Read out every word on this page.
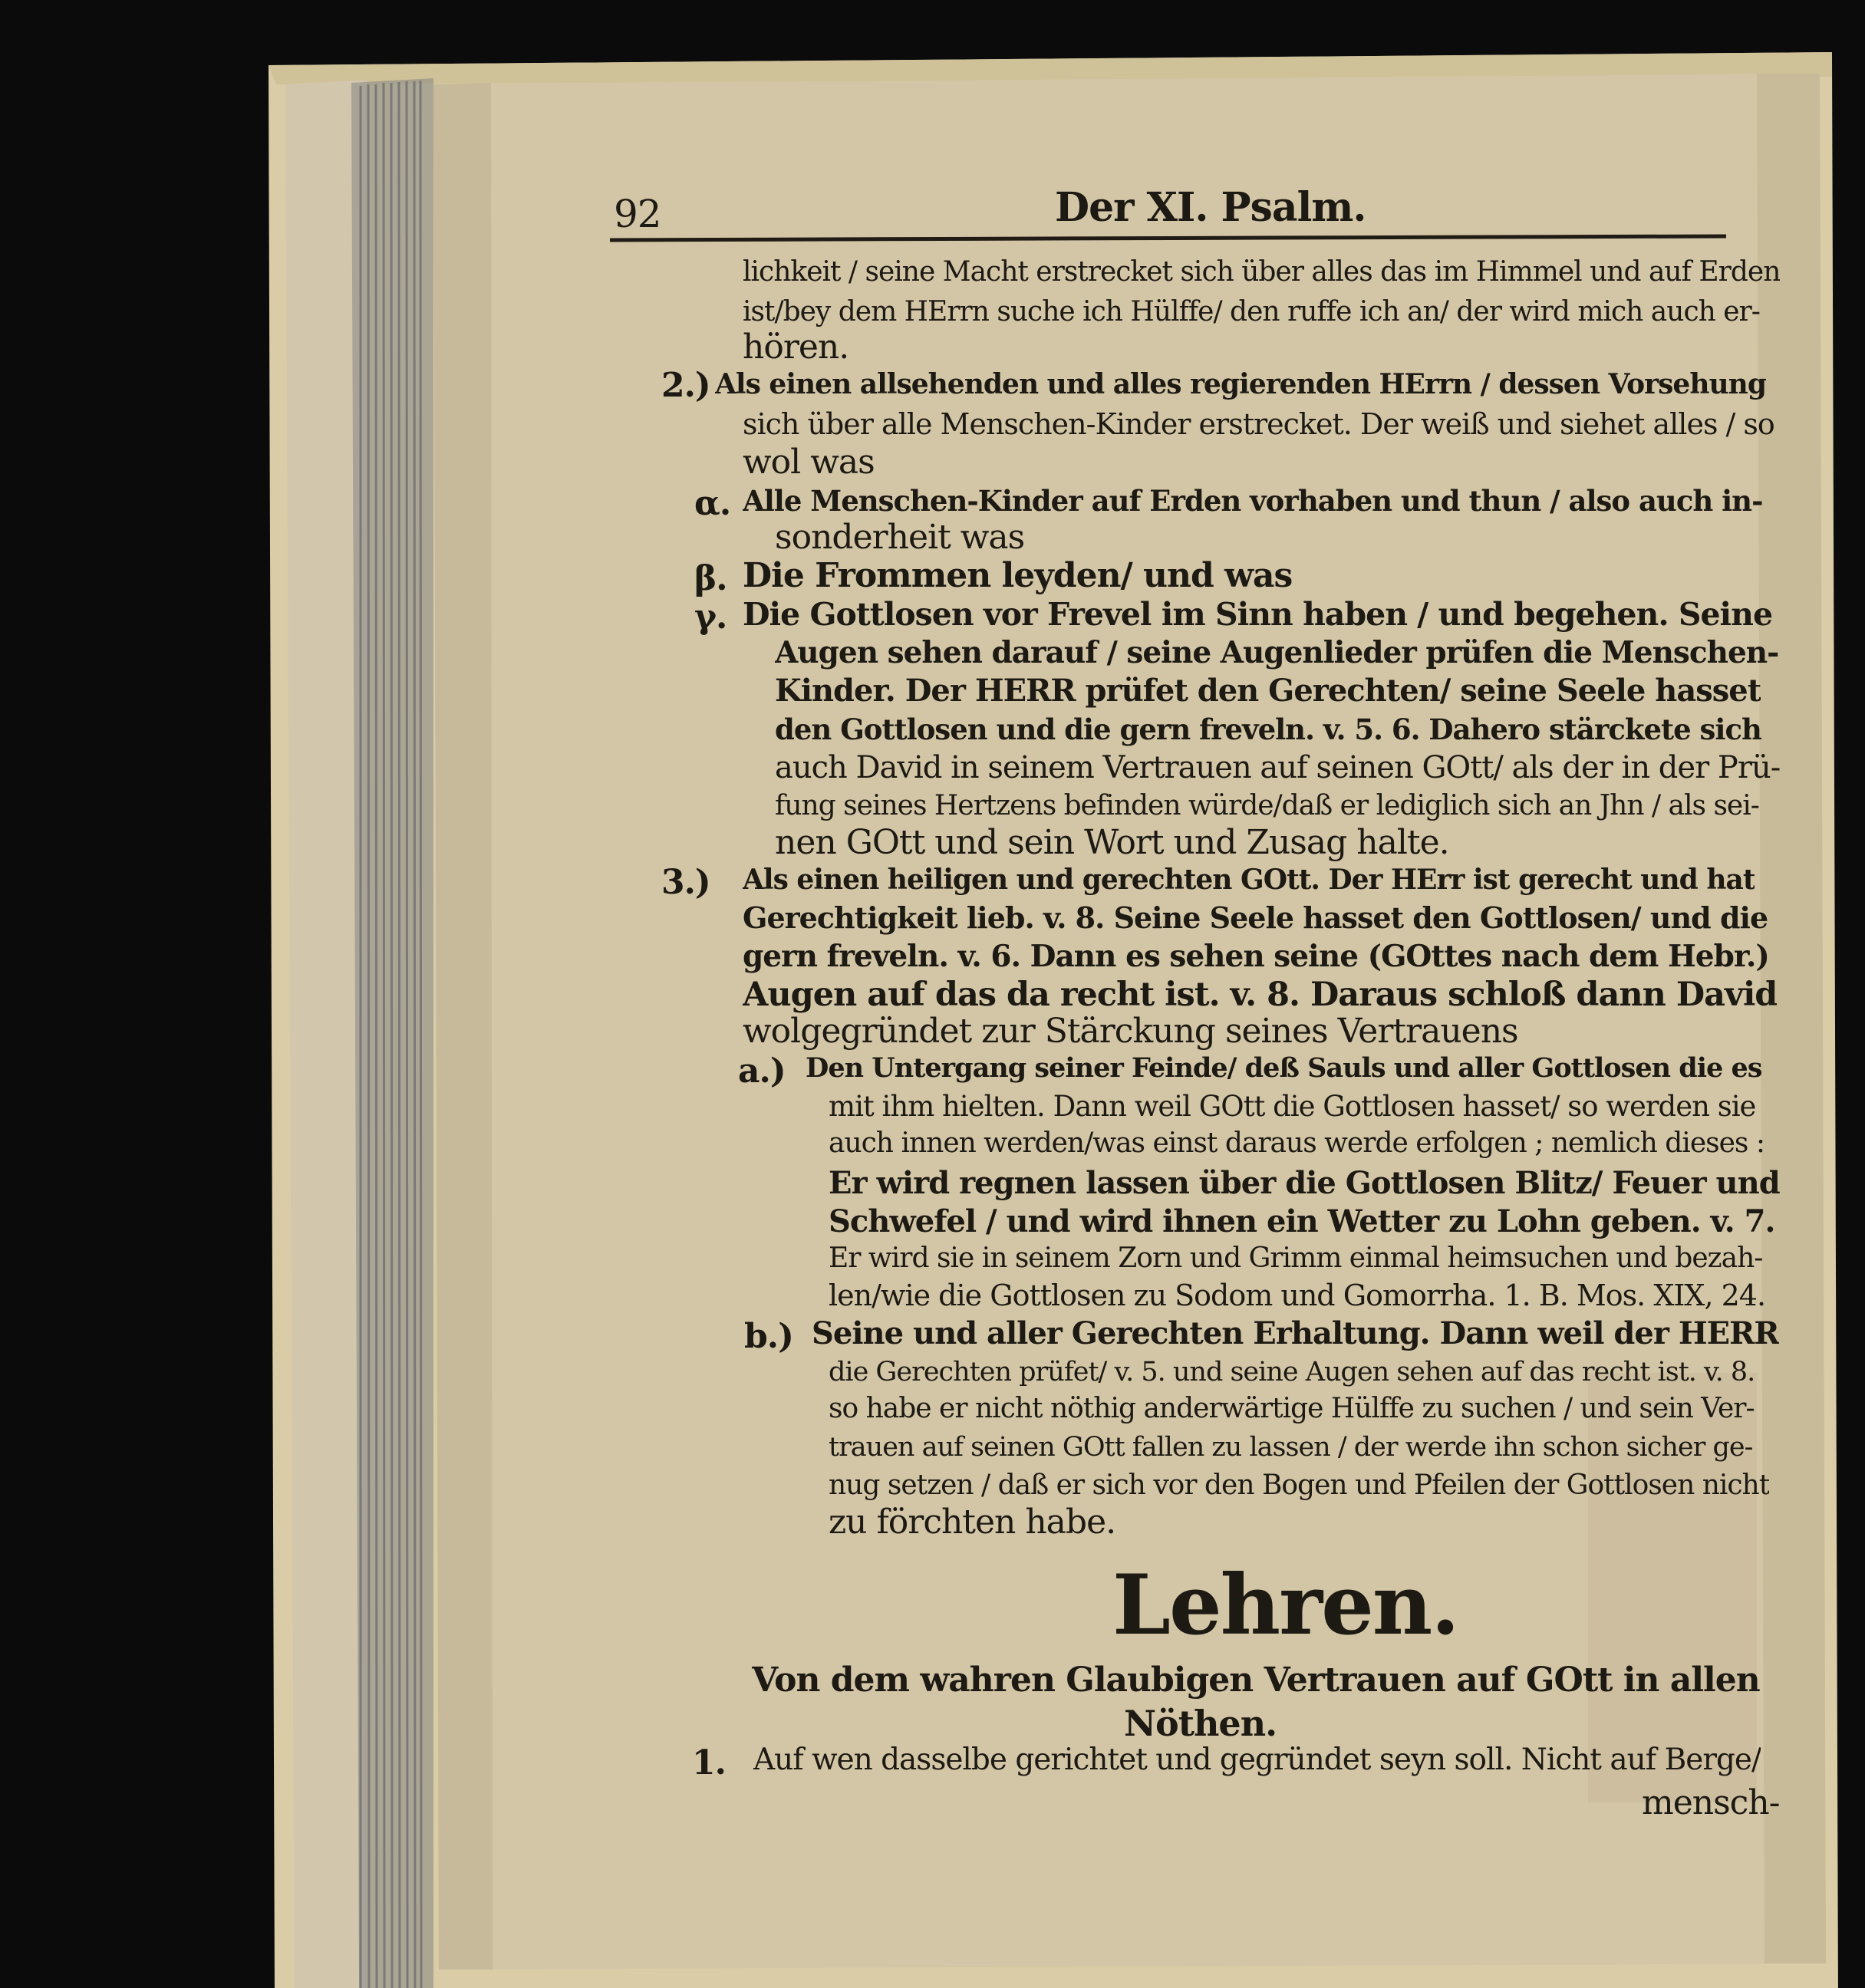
92	Der XI. Psalm.

lichkeit / seine Macht erstrecket sich über alles das im Himmel und auf Erden

ist/bey dem HErrn suche ich Hülffe/ den ruffe ich an/ der wird mich auch er-

hören.

2.) Als einen allsehenden und alles regierenden HErrn / dessen Vorsehung

sich über alle Menschen-Kinder erstrecket. Der weiß und siehet alles / so

wol was

α. Alle Menschen-Kinder auf Erden vorhaben und thun / also auch in-

sonderheit was

β. Die Frommen leyden/ und was

γ. Die Gottlosen vor Frevel im Sinn haben / und begehen. Seine

Augen sehen darauf / seine Augenlieder prüfen die Menschen-

Kinder. Der HERR prüfet den Gerechten/ seine Seele hasset

den Gottlosen und die gern freveln. v. 5. 6. Dahero stärckete sich

auch David in seinem Vertrauen auf seinen GOtt/ als der in der Prü-

fung seines Hertzens befinden würde/daß er lediglich sich an Jhn / als sei-

nen GOtt und sein Wort und Zusag halte.

3.) Als einen heiligen und gerechten GOtt. Der HErr ist gerecht und hat

Gerechtigkeit lieb. v. 8. Seine Seele hasset den Gottlosen/ und die

gern freveln. v. 6. Dann es sehen seine (GOttes nach dem Hebr.)

Augen auf das da recht ist. v. 8. Daraus schloß dann David

wolgegründet zur Stärckung seines Vertrauens

a.) Den Untergang seiner Feinde/ deß Sauls und aller Gottlosen die es

mit ihm hielten. Dann weil GOtt die Gottlosen hasset/ so werden sie

auch innen werden/was einst daraus werde erfolgen ; nemlich dieses :

Er wird regnen lassen über die Gottlosen Blitz/ Feuer und

Schwefel / und wird ihnen ein Wetter zu Lohn geben. v. 7.

Er wird sie in seinem Zorn und Grimm einmal heimsuchen und bezah-

len/wie die Gottlosen zu Sodom und Gomorrha. 1. B. Mos. XIX, 24.

b.) Seine und aller Gerechten Erhaltung. Dann weil der HERR

die Gerechten prüfet/ v. 5. und seine Augen sehen auf das recht ist. v. 8.

so habe er nicht nöthig anderwärtige Hülffe zu suchen / und sein Ver-

trauen auf seinen GOtt fallen zu lassen / der werde ihn schon sicher ge-

nug setzen / daß er sich vor den Bogen und Pfeilen der Gottlosen nicht

zu förchten habe.

Lehren.

Von dem wahren Glaubigen Vertrauen auf GOtt in allen

Nöthen.

1. Auf wen dasselbe gerichtet und gegründet seyn soll. Nicht auf Berge/

mensch-
